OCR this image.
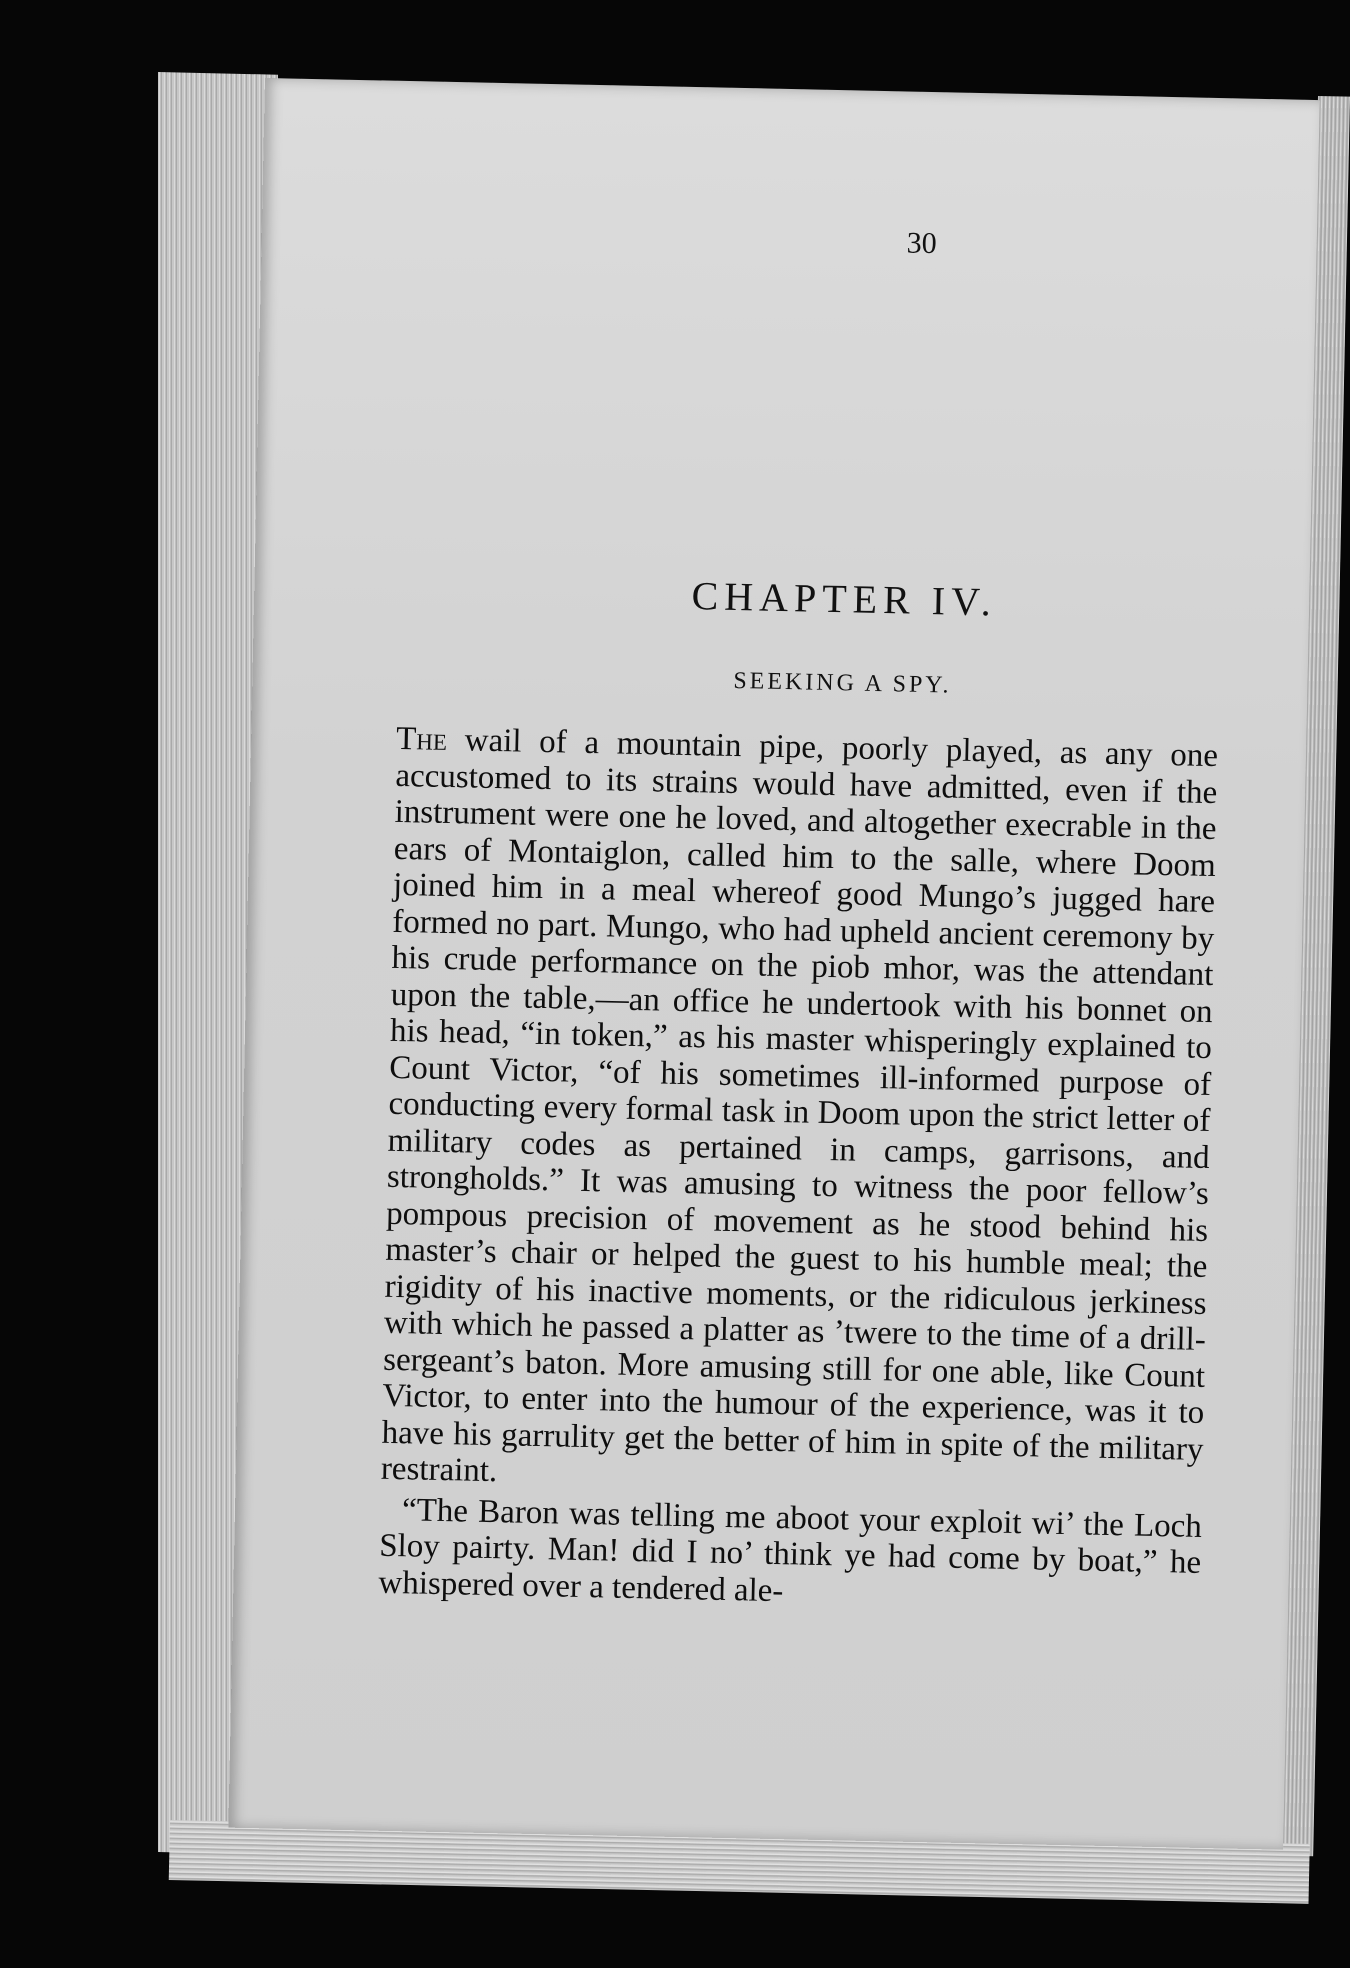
30
CHAPTER IV.
SEEKING A SPY.

The wail of a mountain pipe, poorly played, as any one accustomed to its strains would have admitted, even if the instrument were one he loved, and altogether execrable in the ears of Montaiglon, called him to the salle, where Doom joined him in a meal whereof good Mungo’s jugged hare formed no part. Mungo, who had upheld ancient ceremony by his crude performance on the piob mhor, was the attendant upon the table,—an office he undertook with his bonnet on his head, “in token,” as his master whisperingly explained to Count Victor, “of his sometimes ill-informed purpose of conducting every formal task in Doom upon the strict letter of military codes as pertained in camps, garrisons, and strongholds.” It was amusing to witness the poor fellow’s pompous precision of movement as he stood behind his master’s chair or helped the guest to his humble meal; the rigidity of his inactive moments, or the ridiculous jerkiness with which he passed a platter as ’twere to the time of a drill-sergeant’s baton. More amusing still for one able, like Count Victor, to enter into the humour of the experience, was it to have his garrulity get the better of him in spite of the military restraint.

“The Baron was telling me aboot your exploit wi’ the Loch Sloy pairty. Man! did I no’ think ye had come by boat,” he whispered over a tendered ale-
